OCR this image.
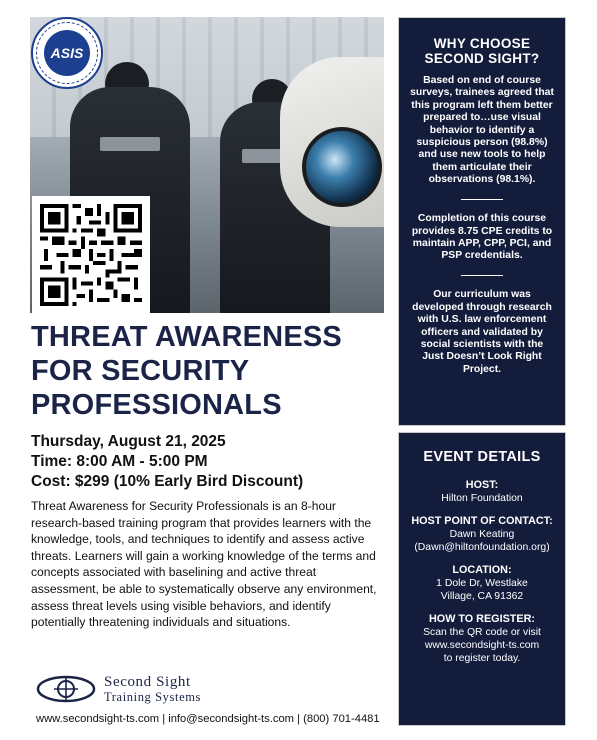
ASIS
THREAT AWARENESS
FOR SECURITY
PROFESSIONALS
Thursday, August 21, 2025
Time: 8:00 AM - 5:00 PM
Cost: $299 (10% Early Bird Discount)
Threat Awareness for Security Professionals is an 8-hour research-based training program that provides learners with the knowledge, tools, and techniques to identify and assess active threats. Learners will gain a working knowledge of the terms and concepts associated with baselining and active threat assessment, be able to systematically observe any environment, assess threat levels using visible behaviors, and identify potentially threatening individuals and situations.
Second Sight
Training Systems
www.secondsight-ts.com | info@secondsight-ts.com | (800) 701-4481
WHY CHOOSE SECOND SIGHT?

Based on end of course surveys, trainees agreed that this program left them better prepared to…use visual behavior to identify a suspicious person (98.8%) and use new tools to help them articulate their observations (98.1%).

Completion of this course provides 8.75 CPE credits to maintain APP, CPP, PCI, and PSP credentials.

Our curriculum was developed through research with U.S. law enforcement officers and validated by social scientists with the Just Doesn’t Look Right Project.

EVENT DETAILS
HOST:
Hilton Foundation
HOST POINT OF CONTACT:
Dawn Keating
(Dawn@hiltonfoundation.org)
LOCATION:
1 Dole Dr, Westlake
Village, CA 91362
HOW TO REGISTER:
Scan the QR code or visit
www.secondsight-ts.com
to register today.
